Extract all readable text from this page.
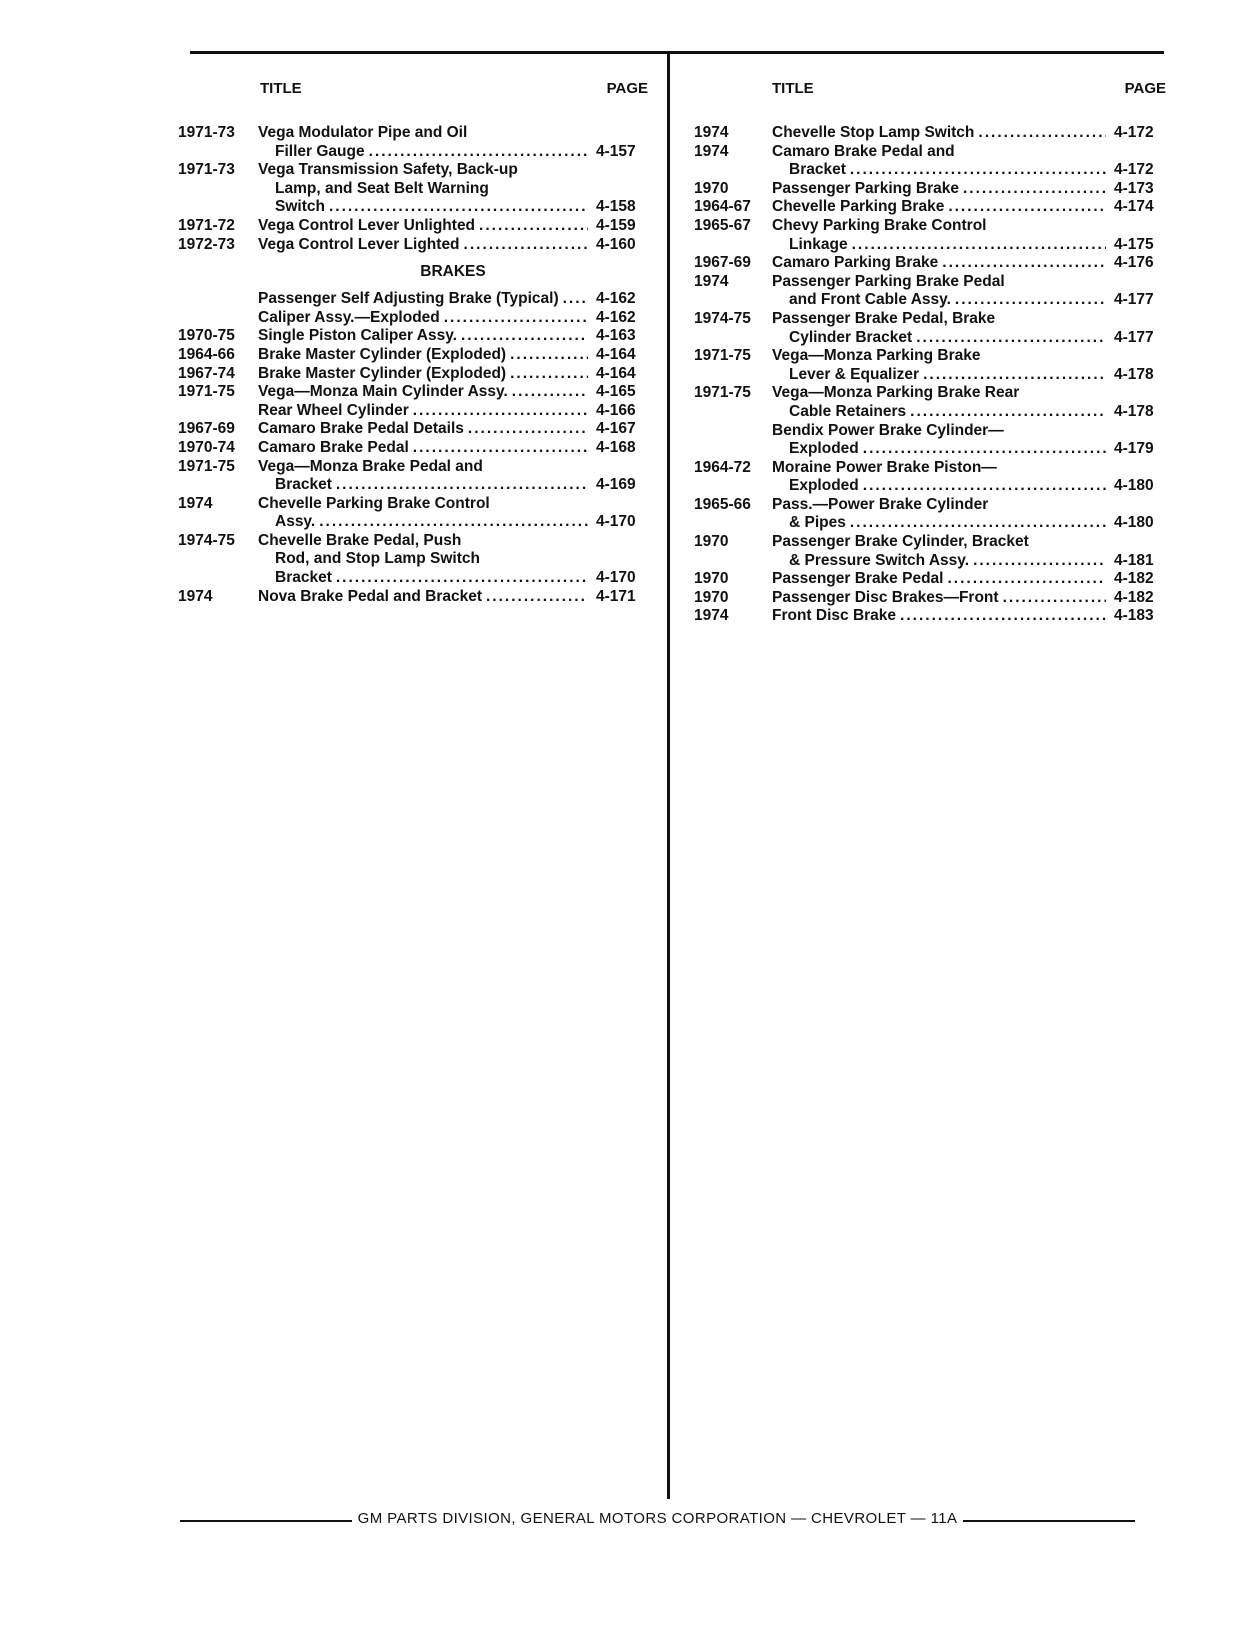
TITLE	PAGE
1971-73	Vega Modulator Pipe and Oil
Filler Gauge .....	4-157
1971-73	Vega Transmission Safety, Back-up
Lamp, and Seat Belt Warning
Switch .....	4-158
1971-72	Vega Control Lever Unlighted .....	4-159
1972-73	Vega Control Lever Lighted .....	4-160
BRAKES
Passenger Self Adjusting Brake (Typical) ..... 4-162
Caliper Assy.—Exploded .....	4-162
1970-75	Single Piston Caliper Assy. .....	4-163
1964-66	Brake Master Cylinder (Exploded) .....	4-164
1967-74	Brake Master Cylinder (Exploded) .....	4-164
1971-75	Vega—Monza Main Cylinder Assy. .....	4-165
Rear Wheel Cylinder .....	4-166
1967-69	Camaro Brake Pedal Details .....	4-167
1970-74	Camaro Brake Pedal .....	4-168
1971-75	Vega—Monza Brake Pedal and
Bracket .....	4-169
1974	Chevelle Parking Brake Control
Assy. .....	4-170
1974-75	Chevelle Brake Pedal, Push
Rod, and Stop Lamp Switch
Bracket .....	4-170
1974	Nova Brake Pedal and Bracket .....	4-171
TITLE	PAGE
1974	Chevelle Stop Lamp Switch .....	4-172
1974	Camaro Brake Pedal and
Bracket .....	4-172
1970	Passenger Parking Brake .....	4-173
1964-67	Chevelle Parking Brake .....	4-174
1965-67	Chevy Parking Brake Control
Linkage .....	4-175
1967-69	Camaro Parking Brake .....	4-176
1974	Passenger Parking Brake Pedal
and Front Cable Assy. .....	4-177
1974-75	Passenger Brake Pedal, Brake
Cylinder Bracket .....	4-177
1971-75	Vega—Monza Parking Brake
Lever & Equalizer .....	4-178
1971-75	Vega—Monza Parking Brake Rear
Cable Retainers .....	4-178
Bendix Power Brake Cylinder—
Exploded .....	4-179
1964-72	Moraine Power Brake Piston—
Exploded .....	4-180
1965-66	Pass.—Power Brake Cylinder
& Pipes .....	4-180
1970	Passenger Brake Cylinder, Bracket
& Pressure Switch Assy. .....	4-181
1970	Passenger Brake Pedal .....	4-182
1970	Passenger Disc Brakes—Front .....	4-182
1974	Front Disc Brake .....	4-183
GM PARTS DIVISION, GENERAL MOTORS CORPORATION — CHEVROLET — 11A
